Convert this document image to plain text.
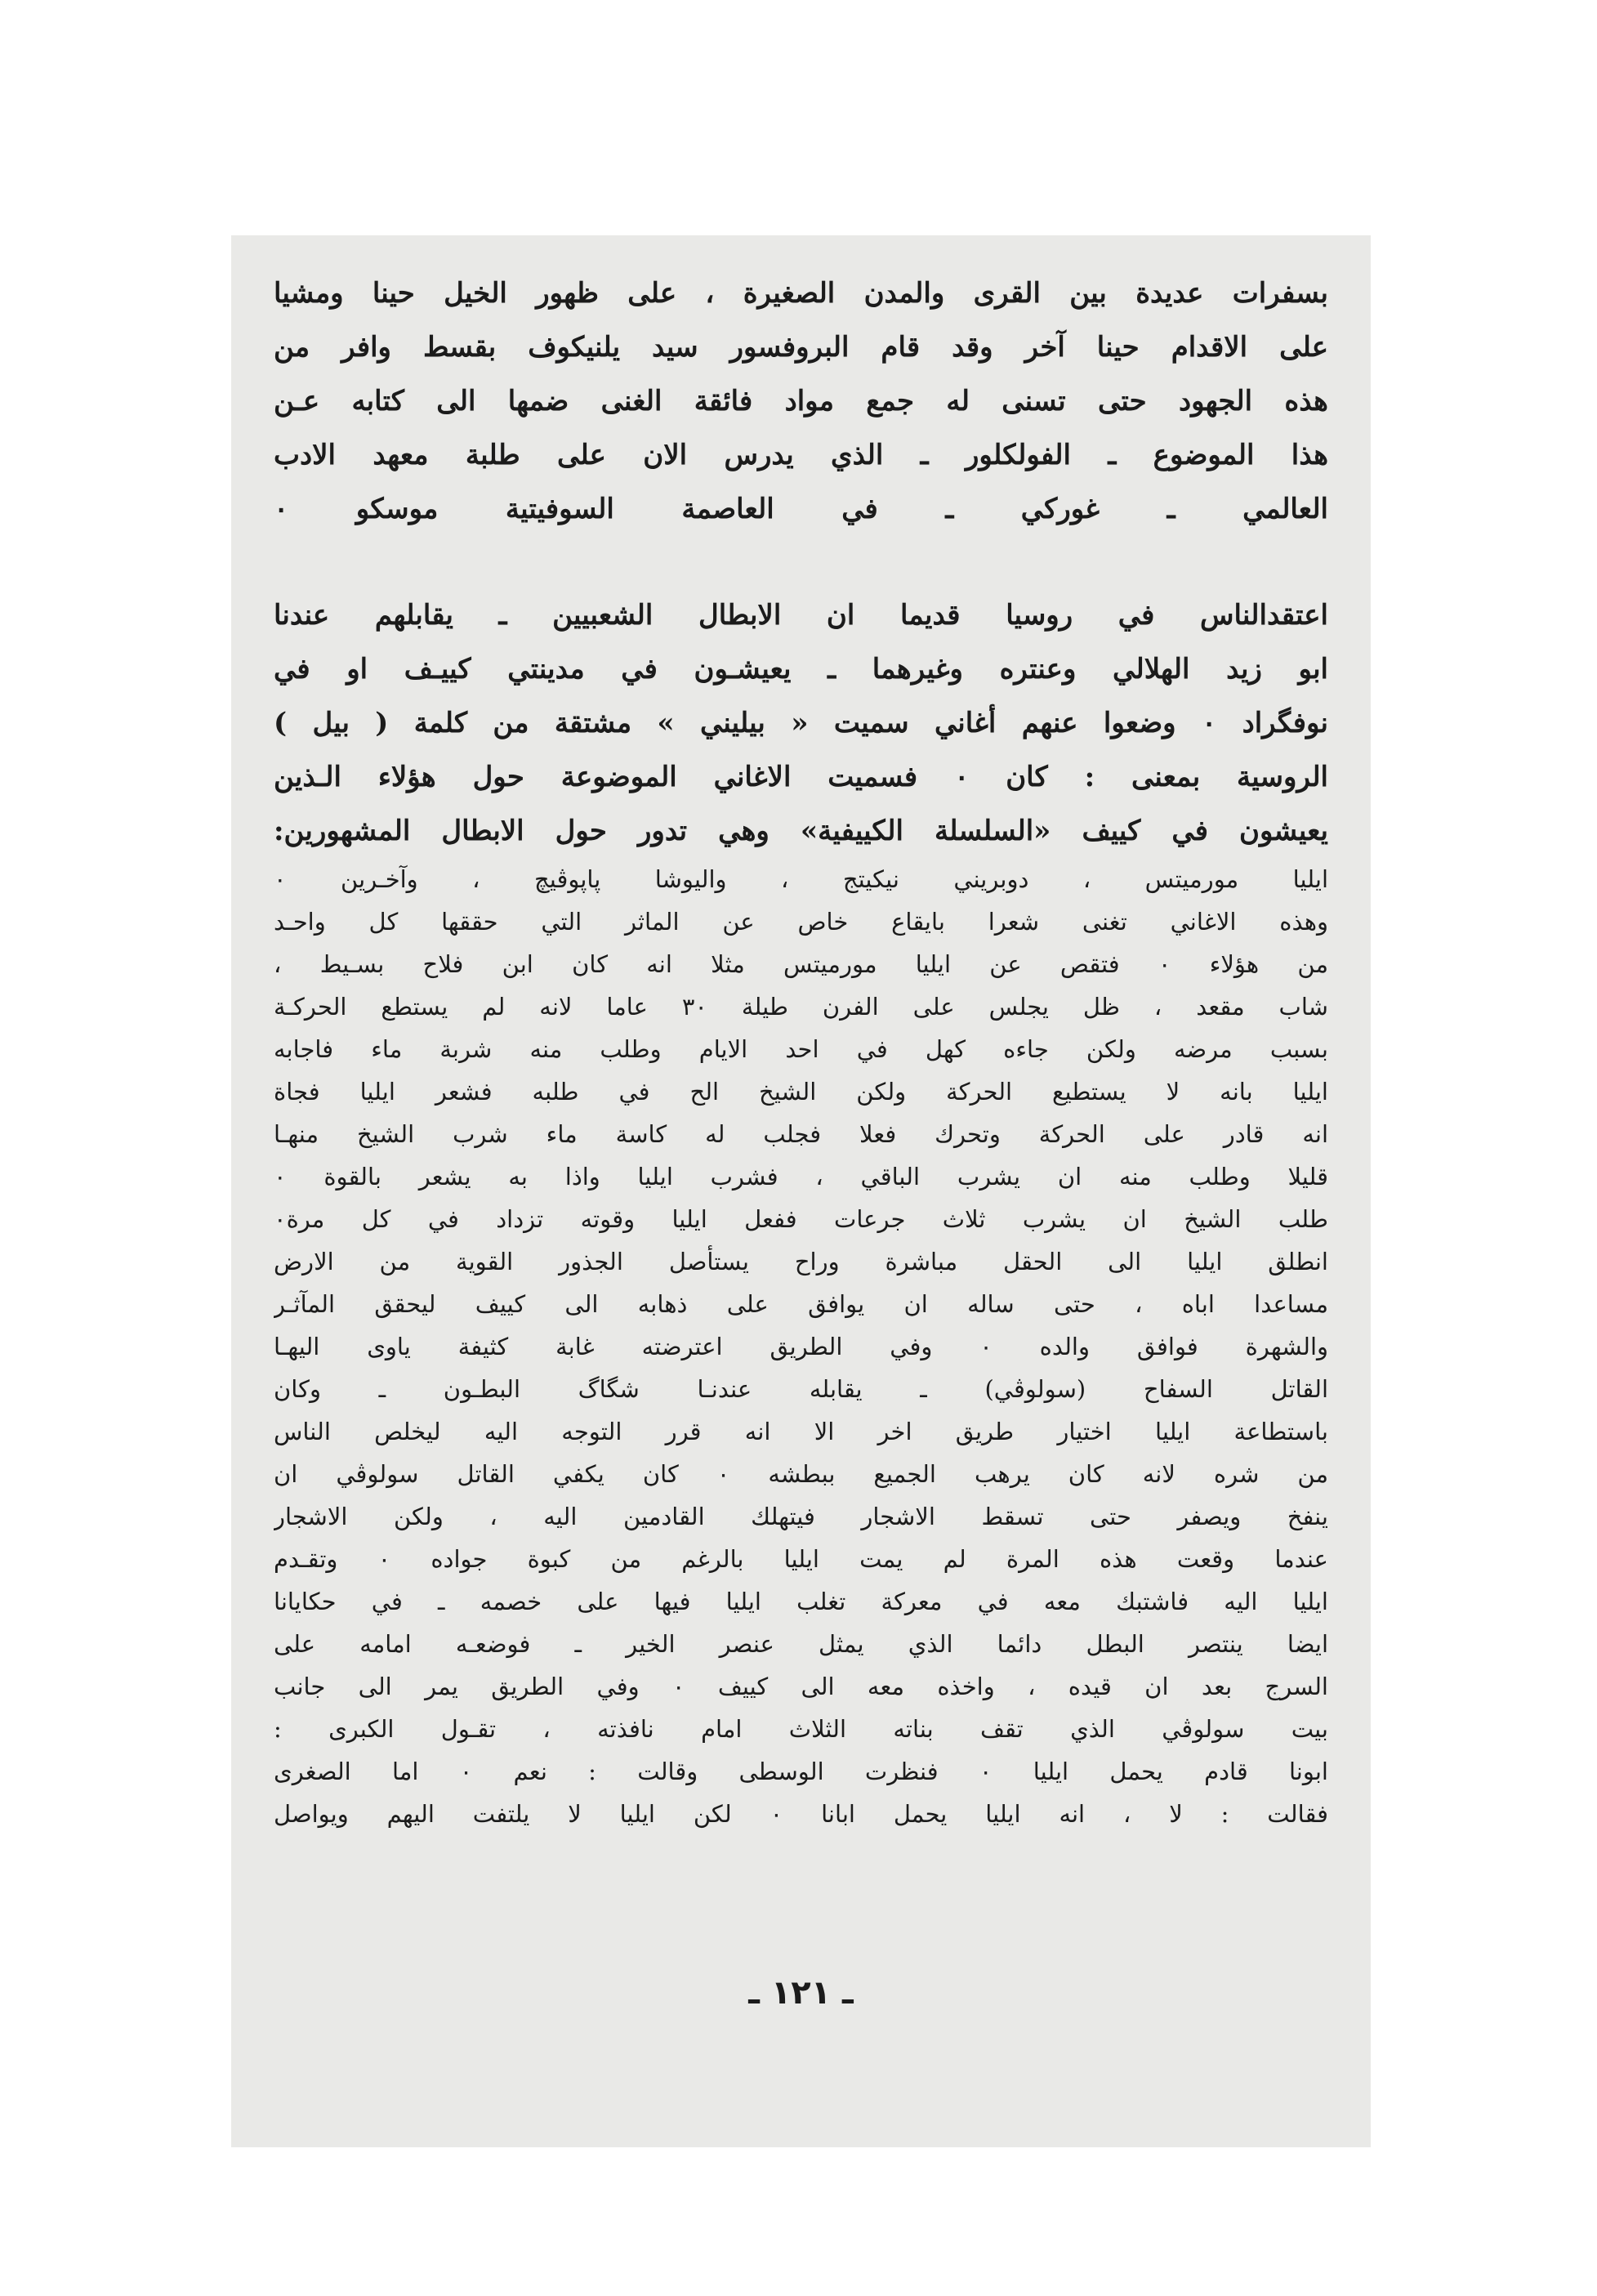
بسفرات عديدة بين القرى والمدن الصغيرة ، على ظهور الخيل حينا ومشيا
على الاقدام حينا آخر وقد قام البروفسور سيد يلنيكوف بقسط وافر من
هذه الجهود حتى تسنى له جمع مواد فائقة الغنى ضمها الى كتابه عـن
هذا الموضوع ـ الفولكلور ـ الذي يدرس الان على طلبة معهد الادب
العالمي ـ غوركي ـ في العاصمة السوفيتية موسكو ٠
اعتقدالناس في روسيا قديما ان الابطال الشعبيين ـ يقابلهم عندنا
ابو زيد الهلالي وعنتره وغيرهما ـ يعيشـون في مدينتي كييـف او في
نوفگراد ٠ وضعوا عنهم أغاني سميت « بيليني » مشتقة من كلمة ( بيل )
الروسية بمعنى : كان ٠ فسميت الاغاني الموضوعة حول هؤلاء الـذين
يعيشون في كييف «السلسلة الكييفية» وهي تدور حول الابطال المشهورين:
ايليا مورميتس ، دوبريني نيكيتج ، واليوشا پاپوڤيچ ، وآخـرين ٠
وهذه الاغاني تغنى شعرا بايقاع خاص عن الماثر التي حققها كل واحـد
من هؤلاء ٠ فتقص عن ايليا مورميتس مثلا انه كان ابن فلاح بسـيط ،
شاب مقعد ، ظل يجلس على الفرن طيلة ٣٠ عاما لانه لم يستطع الحركـة
بسبب مرضه ولكن جاءه كهل في احد الايام وطلب منه شربة ماء فاجابه
ايليا بانه لا يستطيع الحركة ولكن الشيخ الح في طلبه فشعر ايليا فجاة
انه قادر على الحركة وتحرك فعلا فجلب له كاسة ماء شرب الشيخ منهـا
قليلا وطلب منه ان يشرب الباقي ، فشرب ايليا واذا به يشعر بالقوة ٠
طلب الشيخ ان يشرب ثلاث جرعات ففعل ايليا وقوته تزداد في كل مرة٠
انطلق ايليا الى الحقل مباشرة وراح يستأصل الجذور القوية من الارض
مساعدا اباه ، حتى ساله ان يوافق على ذهابه الى كييف ليحقق المآثـر
والشهرة فوافق والده ٠ وفي الطريق اعترضته غابة كثيفة ياوى اليهـا
القاتل السفاح (سولوڤي) ـ يقابله عندنـا شگاگ البطـون ـ وكان
باستطاعة ايليا اختيار طريق اخر الا انه قرر التوجه اليه ليخلص الناس
من شره لانه كان يرهب الجميع ببطشه ٠ كان يكفي القاتل سولوڤي ان
ينفخ ويصفر حتى تسقط الاشجار فيتهلك القادمين اليه ، ولكن الاشجار
عندما وقعت هذه المرة لم يمت ايليا بالرغم من كبوة جواده ٠ وتقـدم
ايليا اليه فاشتبك معه في معركة تغلب ايليا فيها على خصمه ـ في حكايانا
ايضا ينتصر البطل دائما الذي يمثل عنصر الخير ـ فوضعـه امامه على
السرج بعد ان قيده ، واخذه معه الى كييف ٠ وفي الطريق يمر الى جانب
بيت سولوڤي الذي تقف بناته الثلاث امام نافذته ، تقـول الكبرى :
ابونا قادم يحمل ايليا ٠ فنظرت الوسطى وقالت : نعم ٠ اما الصغرى
فقالت : لا ، انه ايليا يحمل ابانا ٠ لكن ايليا لا يلتفت اليهم ويواصل
ـ ١٢١ ـ
